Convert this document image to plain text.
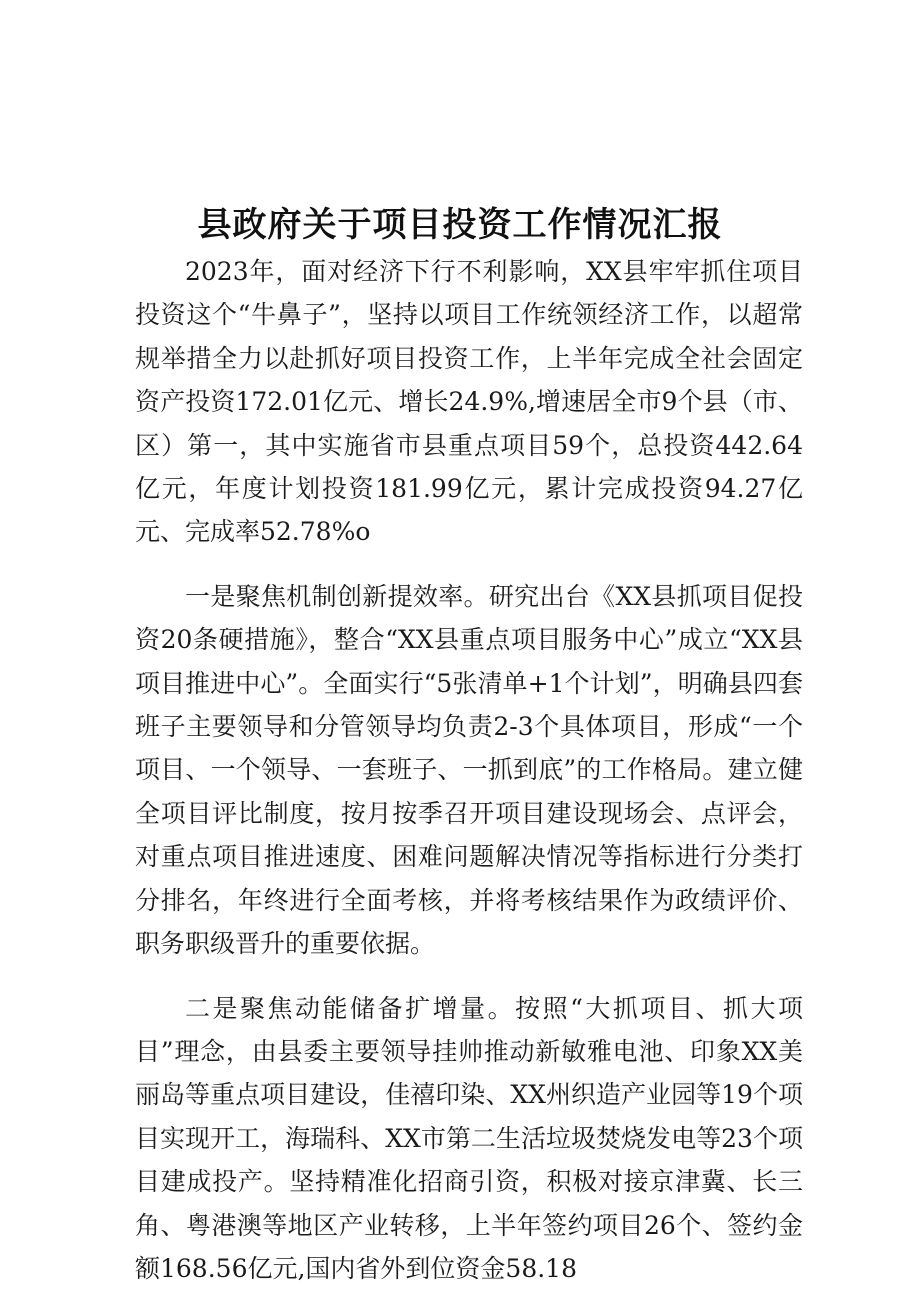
县政府关于项目投资工作情况汇报

2023年，面对经济下行不利影响，XX县牢牢抓住项目投资这个“牛鼻子”，坚持以项目工作统领经济工作，以超常规举措全力以赴抓好项目投资工作，上半年完成全社会固定资产投资172.01亿元、增长24.9%,增速居全市9个县（市、区）第一，其中实施省市县重点项目59个，总投资442.64亿元，年度计划投资181.99亿元，累计完成投资94.27亿元、完成率52.78%o

一是聚焦机制创新提效率。研究出台《XX县抓项目促投资20条硬措施》，整合“XX县重点项目服务中心”成立“XX县项目推进中心”。全面实行“5张清单+1个计划”，明确县四套班子主要领导和分管领导均负责2-3个具体项目，形成“一个项目、一个领导、一套班子、一抓到底”的工作格局。建立健全项目评比制度，按月按季召开项目建设现场会、点评会，对重点项目推进速度、困难问题解决情况等指标进行分类打分排名，年终进行全面考核，并将考核结果作为政绩评价、职务职级晋升的重要依据。

二是聚焦动能储备扩增量。按照“大抓项目、抓大项目”理念，由县委主要领导挂帅推动新敏雅电池、印象XX美丽岛等重点项目建设，佳禧印染、XX州织造产业园等19个项目实现开工，海瑞科、XX市第二生活垃圾焚烧发电等23个项目建成投产。坚持精准化招商引资，积极对接京津冀、长三角、粤港澳等地区产业转移，上半年签约项目26个、签约金额168.56亿元,国内省外到位资金58.18
